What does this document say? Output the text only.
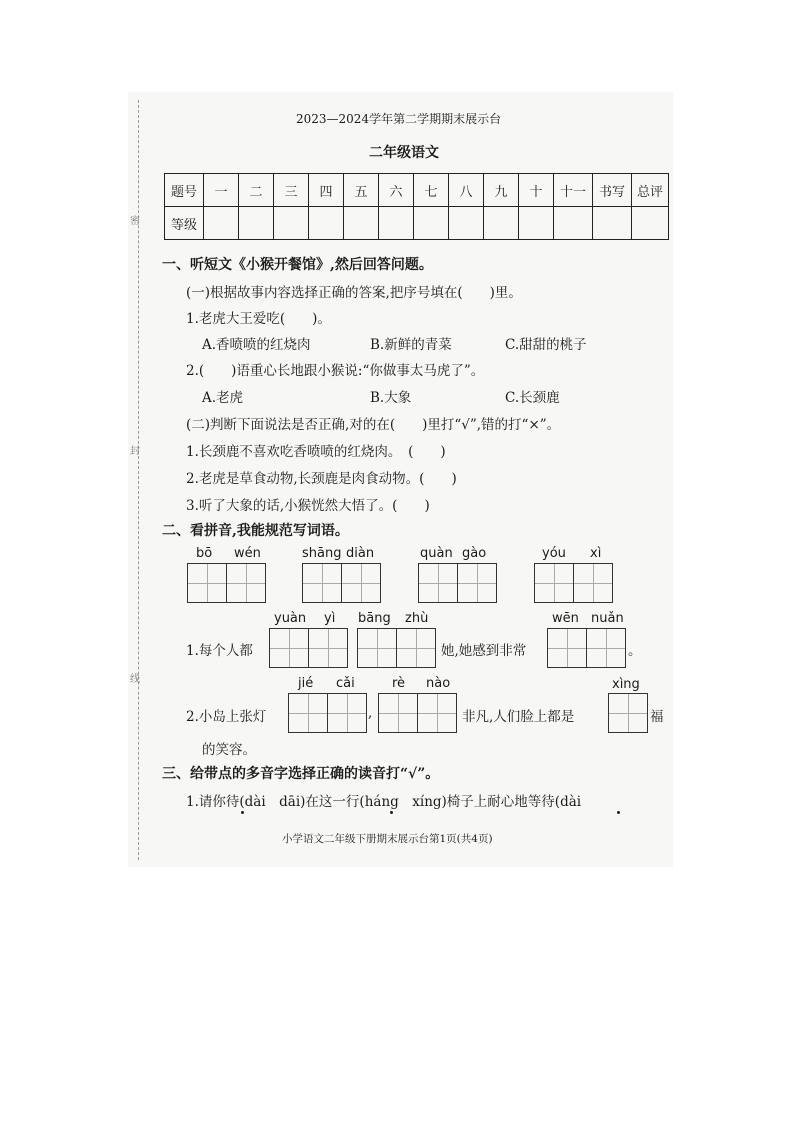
密
封
线
2023—2024学年第二学期期末展示台
二年级语文
题号	一	二	三	四	五	六	七	八	九	十	十一	书写	总评
等级													
一、听短文《小猴开餐馆》,然后回答问题。
(一)根据故事内容选择正确的答案,把序号填在(　　)里。
1.老虎大王爱吃(　　)。
A.香喷喷的红烧肉	B.新鲜的青菜	C.甜甜的桃子
2.(　　)语重心长地跟小猴说:“你做事太马虎了”。
A.老虎	B.大象	C.长颈鹿
(二)判断下面说法是否正确,对的在(　　)里打“√”,错的打“×”。
1.长颈鹿不喜欢吃香喷喷的红烧肉。　(　　)
2.老虎是草食动物,长颈鹿是肉食动物。(　　)
3.听了大象的话,小猴恍然大悟了。(　　)
二、看拼音,我能规范写词语。
bō wén	shāng diàn	quàn gào	yóu xì
yuàn yì bāng zhù	wēn nuǎn
1.每个人都	她,她感到非常	。
jié cǎi	rè nào	xìng
2.小岛上张灯	,	非凡,人们脸上都是	福
的笑容。
三、给带点的多音字选择正确的读音打“√”。
1.请你待(dài　dāi)在这一行(háng　xíng)椅子上耐心地等待(dài
小学语文二年级下册期末展示台第1页(共4页)
